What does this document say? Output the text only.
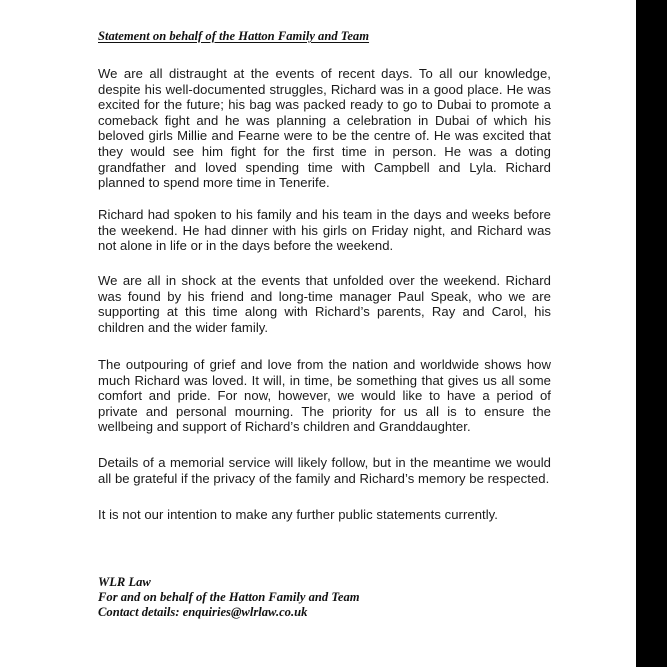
Statement on behalf of the Hatton Family and Team
We are all distraught at the events of recent days. To all our knowledge, despite his well-documented struggles, Richard was in a good place. He was excited for the future; his bag was packed ready to go to Dubai to promote a comeback fight and he was planning a celebration in Dubai of which his beloved girls Millie and Fearne were to be the centre of. He was excited that they would see him fight for the first time in person. He was a doting grandfather and loved spending time with Campbell and Lyla. Richard planned to spend more time in Tenerife.
Richard had spoken to his family and his team in the days and weeks before the weekend. He had dinner with his girls on Friday night, and Richard was not alone in life or in the days before the weekend.
We are all in shock at the events that unfolded over the weekend. Richard was found by his friend and long-time manager Paul Speak, who we are supporting at this time along with Richard’s parents, Ray and Carol, his children and the wider family.
The outpouring of grief and love from the nation and worldwide shows how much Richard was loved. It will, in time, be something that gives us all some comfort and pride. For now, however, we would like to have a period of private and personal mourning. The priority for us all is to ensure the wellbeing and support of Richard’s children and Granddaughter.
Details of a memorial service will likely follow, but in the meantime we would all be grateful if the privacy of the family and Richard’s memory be respected.
It is not our intention to make any further public statements currently.
WLR Law
For and on behalf of the Hatton Family and Team
Contact details: enquiries@wlrlaw.co.uk
